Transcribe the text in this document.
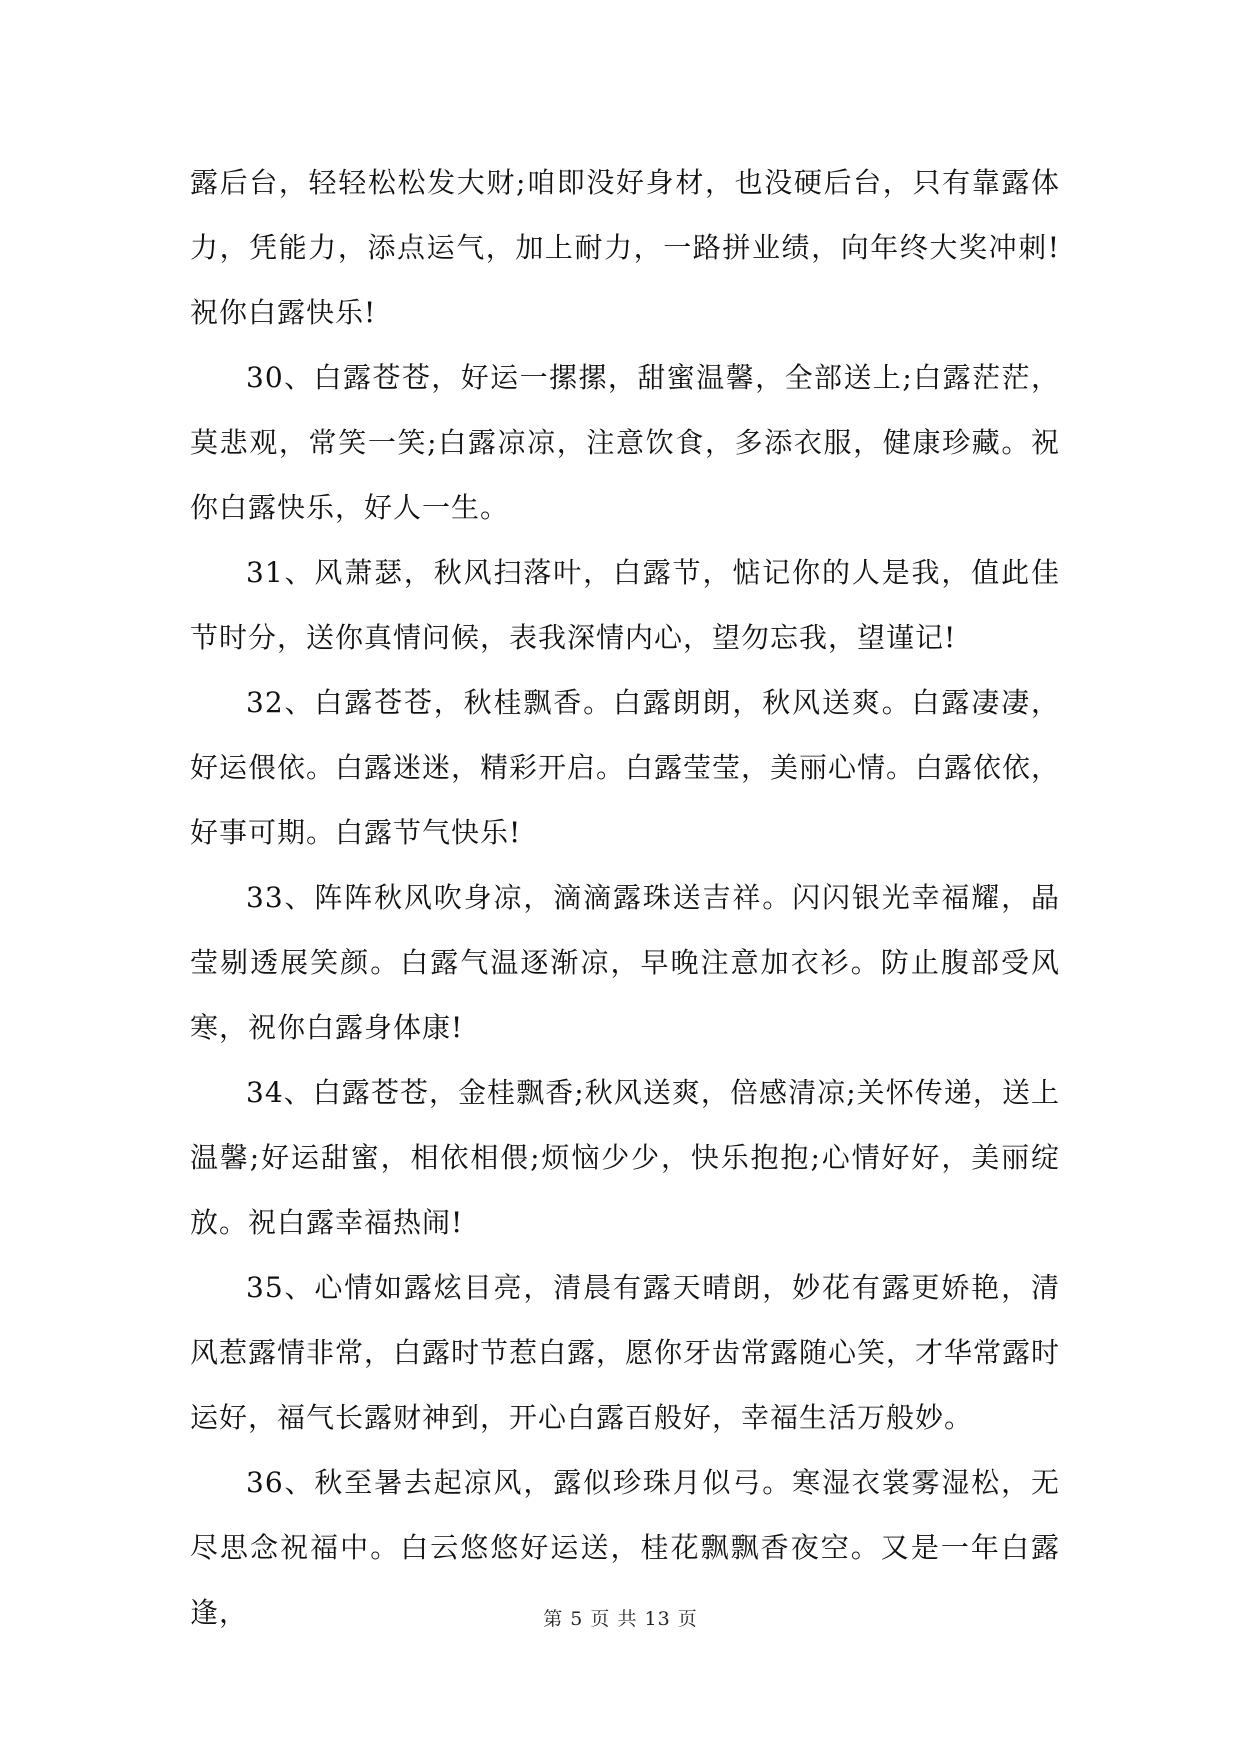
露后台，轻轻松松发大财;咱即没好身材，也没硬后台，只有靠露体力，凭能力，添点运气，加上耐力，一路拼业绩，向年终大奖冲刺!祝你白露快乐!

30、白露苍苍，好运一摞摞，甜蜜温馨，全部送上;白露茫茫，莫悲观，常笑一笑;白露凉凉，注意饮食，多添衣服，健康珍藏。祝你白露快乐，好人一生。

31、风萧瑟，秋风扫落叶，白露节，惦记你的人是我，值此佳节时分，送你真情问候，表我深情内心，望勿忘我，望谨记!

32、白露苍苍，秋桂飘香。白露朗朗，秋风送爽。白露凄凄，好运偎依。白露迷迷，精彩开启。白露莹莹，美丽心情。白露依依，好事可期。白露节气快乐!

33、阵阵秋风吹身凉，滴滴露珠送吉祥。闪闪银光幸福耀，晶莹剔透展笑颜。白露气温逐渐凉，早晚注意加衣衫。防止腹部受风寒，祝你白露身体康!

34、白露苍苍，金桂飘香;秋风送爽，倍感清凉;关怀传递，送上温馨;好运甜蜜，相依相偎;烦恼少少，快乐抱抱;心情好好，美丽绽放。祝白露幸福热闹!

35、心情如露炫目亮，清晨有露天晴朗，妙花有露更娇艳，清风惹露情非常，白露时节惹白露，愿你牙齿常露随心笑，才华常露时运好，福气长露财神到，开心白露百般好，幸福生活万般妙。

36、秋至暑去起凉风，露似珍珠月似弓。寒湿衣裳雾湿松，无尽思念祝福中。白云悠悠好运送，桂花飘飘香夜空。又是一年白露逢，	第 5 页 共 13 页
